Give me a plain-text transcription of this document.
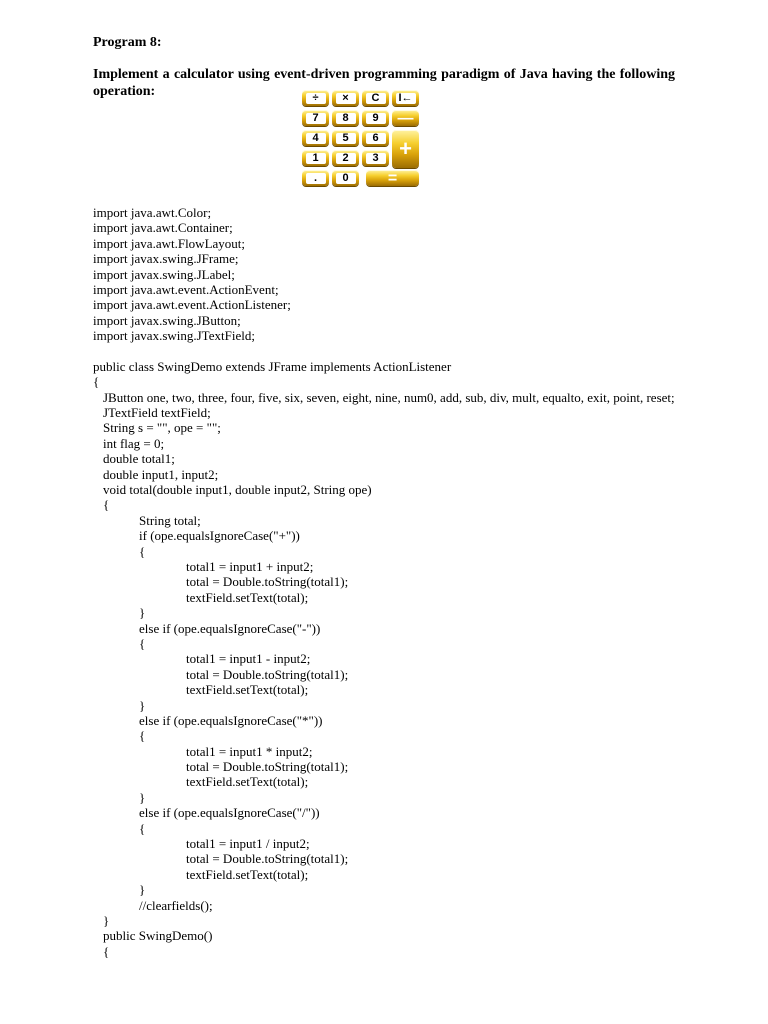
Program 8:
Implement a calculator using event-driven programming paradigm of Java having the following operation:	÷	×	C	I←
7	8	9	—
4	5	6
1	2	3 +
.	0	=
import java.awt.Color;
import java.awt.Container;
import java.awt.FlowLayout;
import javax.swing.JFrame;
import javax.swing.JLabel;
import java.awt.event.ActionEvent;
import java.awt.event.ActionListener;
import javax.swing.JButton;
import javax.swing.JTextField;
public class SwingDemo extends JFrame implements ActionListener
{
JButton one, two, three, four, five, six, seven, eight, nine, num0, add, sub, div, mult, equalto, exit, point, reset;
JTextField textField;
String s = "", ope = "";
int flag = 0;
double total1;
double input1, input2;
void total(double input1, double input2, String ope)
{
String total;
if (ope.equalsIgnoreCase("+"))
{
total1 = input1 + input2;
total = Double.toString(total1);
textField.setText(total);
}
else if (ope.equalsIgnoreCase("-"))
{
total1 = input1 - input2;
total = Double.toString(total1);
textField.setText(total);
}
else if (ope.equalsIgnoreCase("*"))
{
total1 = input1 * input2;
total = Double.toString(total1);
textField.setText(total);
}
else if (ope.equalsIgnoreCase("/"))
{
total1 = input1 / input2;
total = Double.toString(total1);
textField.setText(total);
}
//clearfields();
}
public SwingDemo()
{
